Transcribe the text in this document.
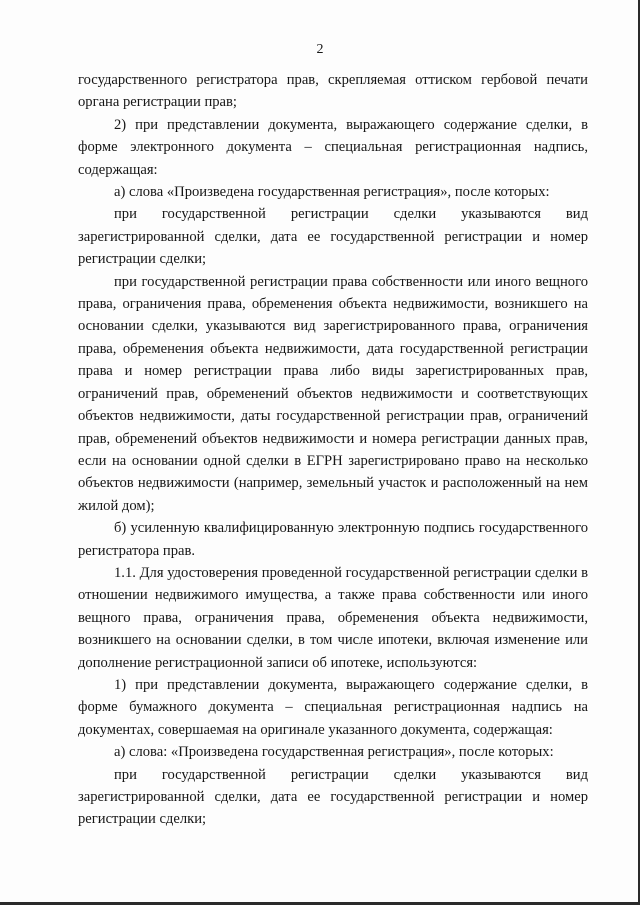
2

государственного регистратора прав, скрепляемая оттиском гербовой печати органа регистрации прав;

2) при представлении документа, выражающего содержание сделки, в форме электронного документа – специальная регистрационная надпись, содержащая:

а) слова «Произведена государственная регистрация», после которых:

при государственной регистрации сделки указываются вид зарегистрированной сделки, дата ее государственной регистрации и номер регистрации сделки;

при государственной регистрации права собственности или иного вещного права, ограничения права, обременения объекта недвижимости, возникшего на основании сделки, указываются вид зарегистрированного права, ограничения права, обременения объекта недвижимости, дата государственной регистрации права и номер регистрации права либо виды зарегистрированных прав, ограничений прав, обременений объектов недвижимости и соответствующих объектов недвижимости, даты государственной регистрации прав, ограничений прав, обременений объектов недвижимости и номера регистрации данных прав, если на основании одной сделки в ЕГРН зарегистрировано право на несколько объектов недвижимости (например, земельный участок и расположенный на нем жилой дом);

б) усиленную квалифицированную электронную подпись государственного регистратора прав.

1.1. Для удостоверения проведенной государственной регистрации сделки в отношении недвижимого имущества, а также права собственности или иного вещного права, ограничения права, обременения объекта недвижимости, возникшего на основании сделки, в том числе ипотеки, включая изменение или дополнение регистрационной записи об ипотеке, используются:

1) при представлении документа, выражающего содержание сделки, в форме бумажного документа – специальная регистрационная надпись на документах, совершаемая на оригинале указанного документа, содержащая:

а) слова: «Произведена государственная регистрация», после которых:

при государственной регистрации сделки указываются вид зарегистрированной сделки, дата ее государственной регистрации и номер регистрации сделки;
